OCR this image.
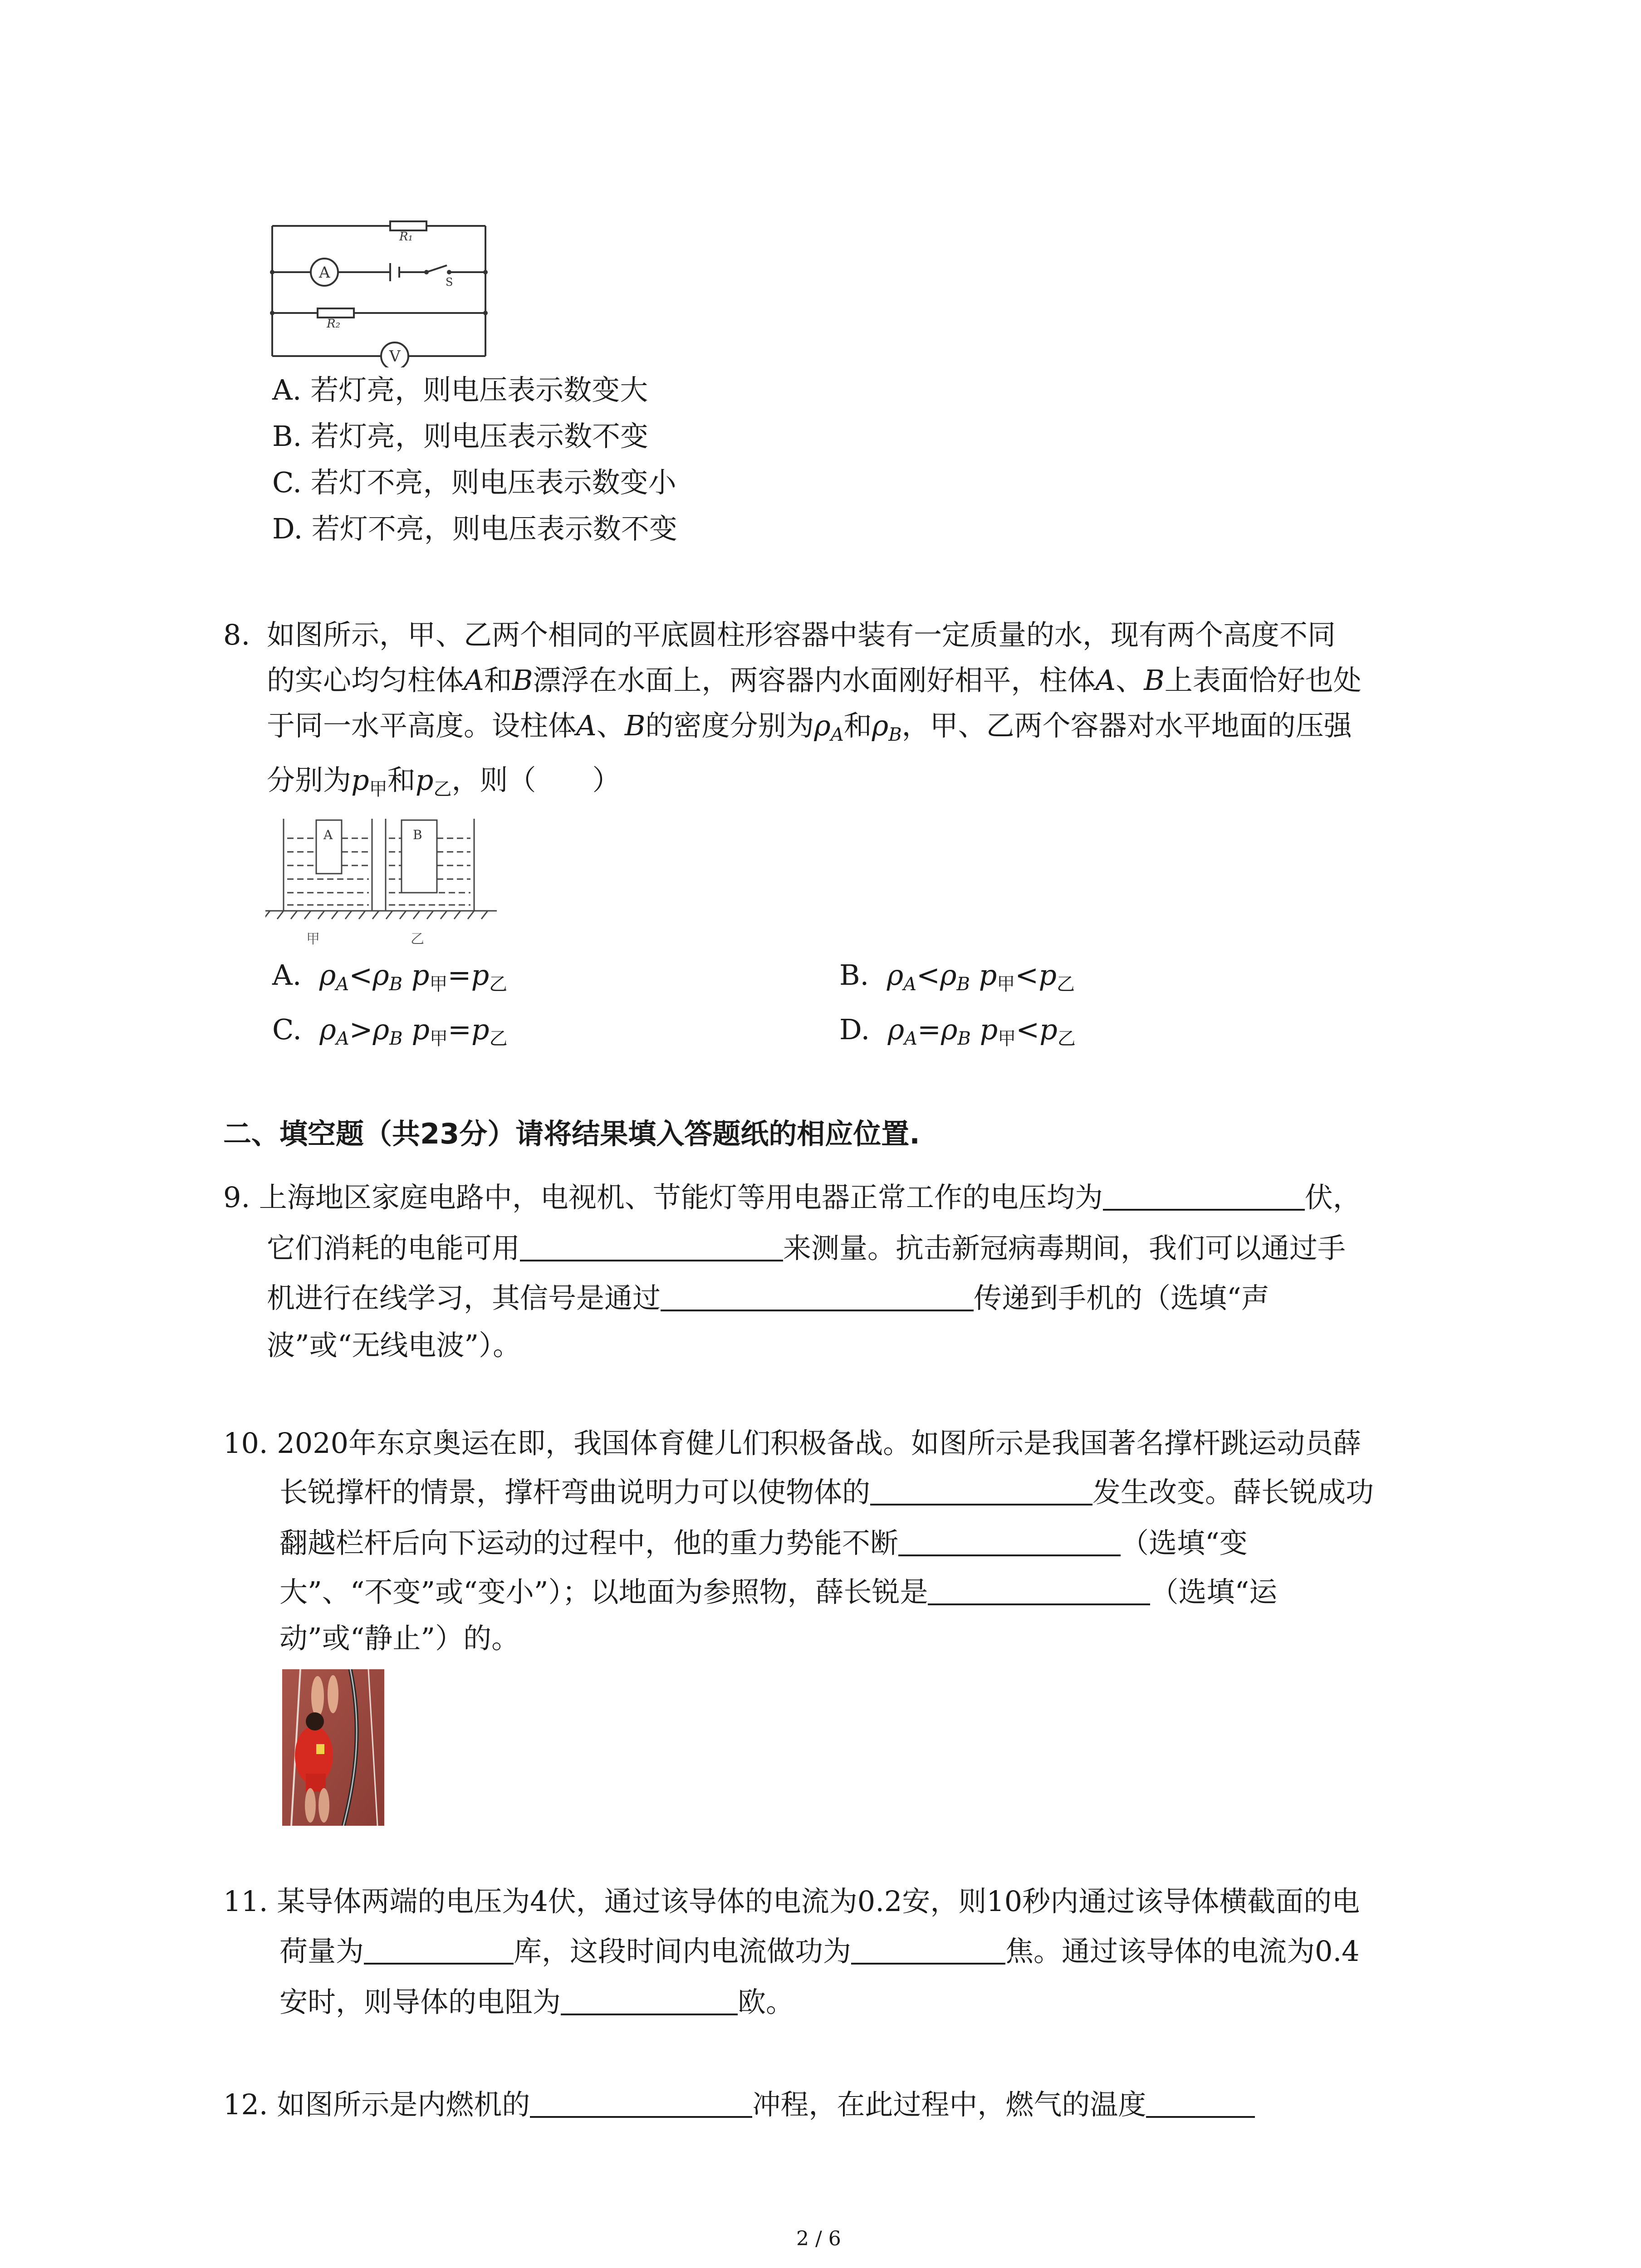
R₁
R₂
A
V
S
A. 若灯亮，则电压表示数变大
B. 若灯亮，则电压表示数不变
C. 若灯不亮，则电压表示数变小
D. 若灯不亮，则电压表示数不变
8. 如图所示，甲、乙两个相同的平底圆柱形容器中装有一定质量的水，现有两个高度不同
的实心均匀柱体A和B漂浮在水面上，两容器内水面刚好相平，柱体A、B上表面恰好也处
于同一水平高度。设柱体A、B的密度分别为$\rho_A$和$\rho_B$，甲、乙两个容器对水平地面的压强
分别为$p_甲$和$p_乙$，则（　　）
A	B
甲	乙
A. $\rho_A<\rho_B$ $p_甲=p_乙$	B. $\rho_A<\rho_B$ $p_甲<p_乙$
C. $\rho_A>\rho_B$ $p_甲=p_乙$	D. $\rho_A=\rho_B$ $p_甲<p_乙$
二、填空题（共23分）请将结果填入答题纸的相应位置.
9. 上海地区家庭电路中，电视机、节能灯等用电器正常工作的电压均为	伏，
它们消耗的电能可用	来测量。抗击新冠病毒期间，我们可以通过手
机进行在线学习，其信号是通过	传递到手机的（选填“声
波”或“无线电波”）。
10. 2020年东京奥运在即，我国体育健儿们积极备战。如图所示是我国著名撑杆跳运动员薛
长锐撑杆的情景，撑杆弯曲说明力可以使物体的	发生改变。薛长锐成功
翻越栏杆后向下运动的过程中，他的重力势能不断	（选填“变
大”、“不变”或“变小”）；以地面为参照物，薛长锐是	（选填“运
动”或“静止”）的。
11. 某导体两端的电压为4伏，通过该导体的电流为0.2安，则10秒内通过该导体横截面的电
荷量为	库，这段时间内电流做功为	焦。通过该导体的电流为0.4
安时，则导体的电阻为	欧。
12. 如图所示是内燃机的	冲程，在此过程中，燃气的温度
2 / 6
